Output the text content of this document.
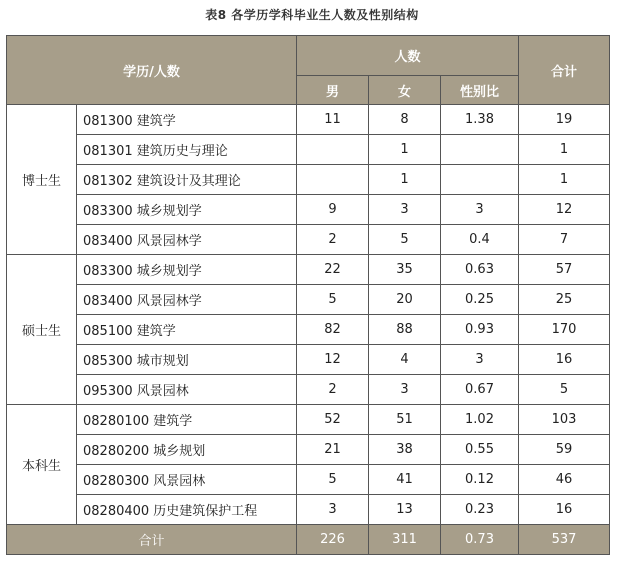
表8 各学历学科毕业生人数及性别结构
学历/人数		人数			合计
		男	女	性别比	
博士生	081300 建筑学	11	8	1.38	19
	081301 建筑历史与理论		1		1
	081302 建筑设计及其理论		1		1
	083300 城乡规划学	9	3	3	12
	083400 风景园林学	2	5	0.4	7
硕士生	083300 城乡规划学	22	35	0.63	57
	083400 风景园林学	5	20	0.25	25
	085100 建筑学	82	88	0.93	170
	085300 城市规划	12	4	3	16
	095300 风景园林	2	3	0.67	5
本科生	08280100 建筑学	52	51	1.02	103
	08280200 城乡规划	21	38	0.55	59
	08280300 风景园林	5	41	0.12	46
	08280400 历史建筑保护工程	3	13	0.23	16
合计		226	311	0.73	537
